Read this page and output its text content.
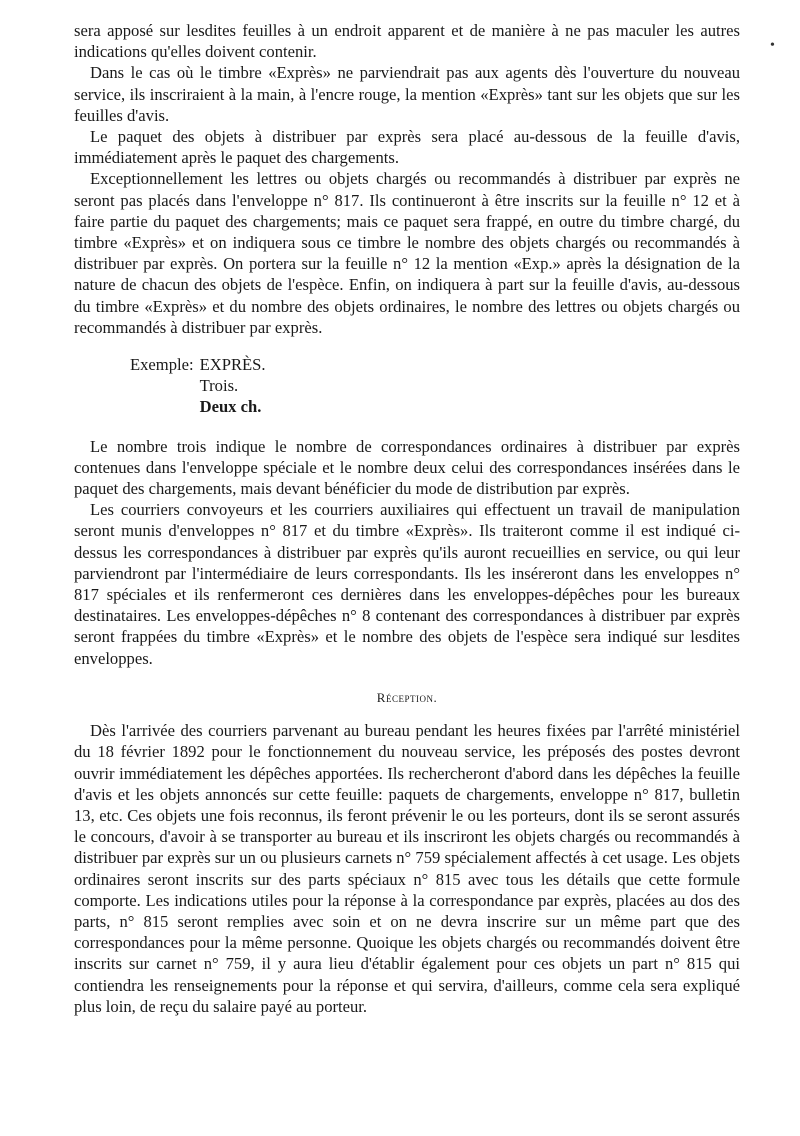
•

sera apposé sur lesdites feuilles à un endroit apparent et de manière à ne pas maculer les autres indications qu'elles doivent contenir.

Dans le cas où le timbre «Exprès» ne parviendrait pas aux agents dès l'ouverture du nouveau service, ils inscriraient à la main, à l'encre rouge, la mention «Exprès» tant sur les objets que sur les feuilles d'avis.

Le paquet des objets à distribuer par exprès sera placé au-dessous de la feuille d'avis, immédiatement après le paquet des chargements.

Exceptionnellement les lettres ou objets chargés ou recommandés à distribuer par exprès ne seront pas placés dans l'enveloppe n° 817. Ils continueront à être inscrits sur la feuille n° 12 et à faire partie du paquet des chargements; mais ce paquet sera frappé, en outre du timbre chargé, du timbre «Exprès» et on indiquera sous ce timbre le nombre des objets chargés ou recommandés à distribuer par exprès. On portera sur la feuille n° 12 la mention «Exp.» après la désignation de la nature de chacun des objets de l'espèce. Enfin, on indiquera à part sur la feuille d'avis, au-dessous du timbre «Exprès» et du nombre des objets ordinaires, le nombre des lettres ou objets chargés ou recommandés à distribuer par exprès.

Exemple: EXPRÈS.
Trois.
Deux ch.

Le nombre trois indique le nombre de correspondances ordinaires à distribuer par exprès contenues dans l'enveloppe spéciale et le nombre deux celui des correspondances insérées dans le paquet des chargements, mais devant bénéficier du mode de distribution par exprès.

Les courriers convoyeurs et les courriers auxiliaires qui effectuent un travail de manipulation seront munis d'enveloppes n° 817 et du timbre «Exprès». Ils traiteront comme il est indiqué ci-dessus les correspondances à distribuer par exprès qu'ils auront recueillies en service, ou qui leur parviendront par l'intermédiaire de leurs correspondants. Ils les inséreront dans les enveloppes n° 817 spéciales et ils renfermeront ces dernières dans les enveloppes-dépêches pour les bureaux destinataires. Les enveloppes-dépêches n° 8 contenant des correspondances à distribuer par exprès seront frappées du timbre «Exprès» et le nombre des objets de l'espèce sera indiqué sur lesdites enveloppes.

Réception.

Dès l'arrivée des courriers parvenant au bureau pendant les heures fixées par l'arrêté ministériel du 18 février 1892 pour le fonctionnement du nouveau service, les préposés des postes devront ouvrir immédiatement les dépêches apportées. Ils rechercheront d'abord dans les dépêches la feuille d'avis et les objets annoncés sur cette feuille: paquets de chargements, enveloppe n° 817, bulletin 13, etc. Ces objets une fois reconnus, ils feront prévenir le ou les porteurs, dont ils se seront assurés le concours, d'avoir à se transporter au bureau et ils inscriront les objets chargés ou recommandés à distribuer par exprès sur un ou plusieurs carnets n° 759 spécialement affectés à cet usage. Les objets ordinaires seront inscrits sur des parts spéciaux n° 815 avec tous les détails que cette formule comporte. Les indications utiles pour la réponse à la correspondance par exprès, placées au dos des parts, n° 815 seront remplies avec soin et on ne devra inscrire sur un même part que des correspondances pour la même personne. Quoique les objets chargés ou recommandés doivent être inscrits sur carnet n° 759, il y aura lieu d'établir également pour ces objets un part n° 815 qui contiendra les renseignements pour la réponse et qui servira, d'ailleurs, comme cela sera expliqué plus loin, de reçu du salaire payé au porteur.
